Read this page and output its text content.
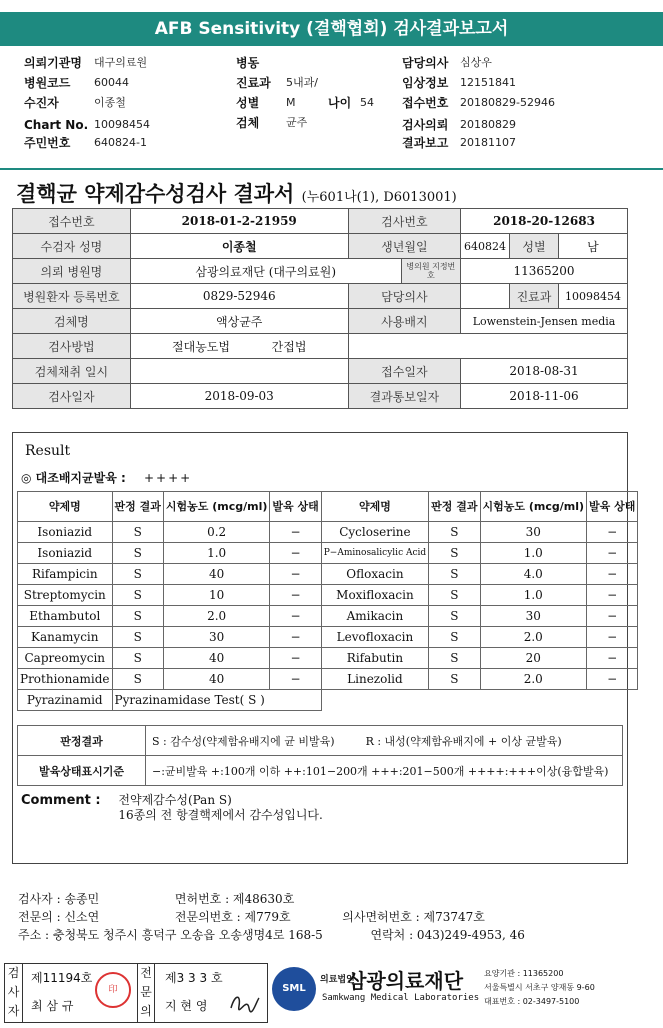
AFB Sensitivity (결핵협회) 검사결과보고서
의뢰기관명 대구의료원
병원코드 60044
수진자	이종철
Chart No. 10098454
주민번호 640824-1
병동
진료과 5내과/
성별 M	나이 54
검체 균주
담당의사 심상우
임상정보 12151841
접수번호 20180829-52946
검사의뢰 20180829
결과보고 20181107
결핵균 약제감수성검사 결과서 (누601나(1), D6013001)
접수번호	2018-01-2-21959	검사번호		2018-20-12683		
수검자 성명	이종철	생년월일		640824	성별	남
의뢰 병원명	삼광의료재단 (대구의료원)		병의원 지정번호	11365200		
병원환자 등록번호	0829-52946	담당의사			진료과	10098454
검체명	액상균주	사용배지		Lowenstein-Jensen media		
검사방법	절대농도법 간접법					
검체채취 일시		접수일자		2018-08-31		
검사일자	2018-09-03	결과통보일자		2018-11-06		
Result
◎ 대조배지균발육 : ++++
약제명	판정 결과	시험농도 (mcg/ml)	발육 상태	약제명	판정 결과	시험농도 (mcg/ml)	발육 상태
Isoniazid	S	0.2	−	Cycloserine	S	30	−
Isoniazid	S	1.0	−	P−Aminosalicylic Acid	S	1.0	−
Rifampicin	S	40	−	Ofloxacin	S	4.0	−
Streptomycin	S	10	−	Moxifloxacin	S	1.0	−
Ethambutol	S	2.0	−	Amikacin	S	30	−
Kanamycin	S	30	−	Levofloxacin	S	2.0	−
Capreomycin	S	40	−	Rifabutin	S	20	−
Prothionamide	S	40	−	Linezolid	S	2.0	−
Pyrazinamid	Pyrazinamidase Test( S )						
판정결과	S : 감수성(약제함유배지에 균 비발육) R : 내성(약제함유배지에 + 이상 균발육)
발육상태표시기준	−:균비발육 +:100개 이하 ++:101−200개 +++:201−500개 ++++:+++이상(융합발육)
Comment : 전약제감수성(Pan S)
16종의 전 항결핵제에서 감수성입니다.
검사자 : 송종민	면허번호 : 제48630호
전문의 : 신소연	전문의번호 : 제779호	의사면허번호 : 제73747호
주소 : 충청북도 청주시 흥덕구 오송읍 오송생명4로 168-5	연락처 : 043)249-4953, 46
검사자
제11194호
최 삼 규
印
전문의
제3 3 3 호
지 현 영
SML
의료법인 삼광의료재단
Samkwang Medical Laboratories
요양기관 : 11365200
서울특별시 서초구 양재동 9-60
대표번호 : 02-3497-5100
